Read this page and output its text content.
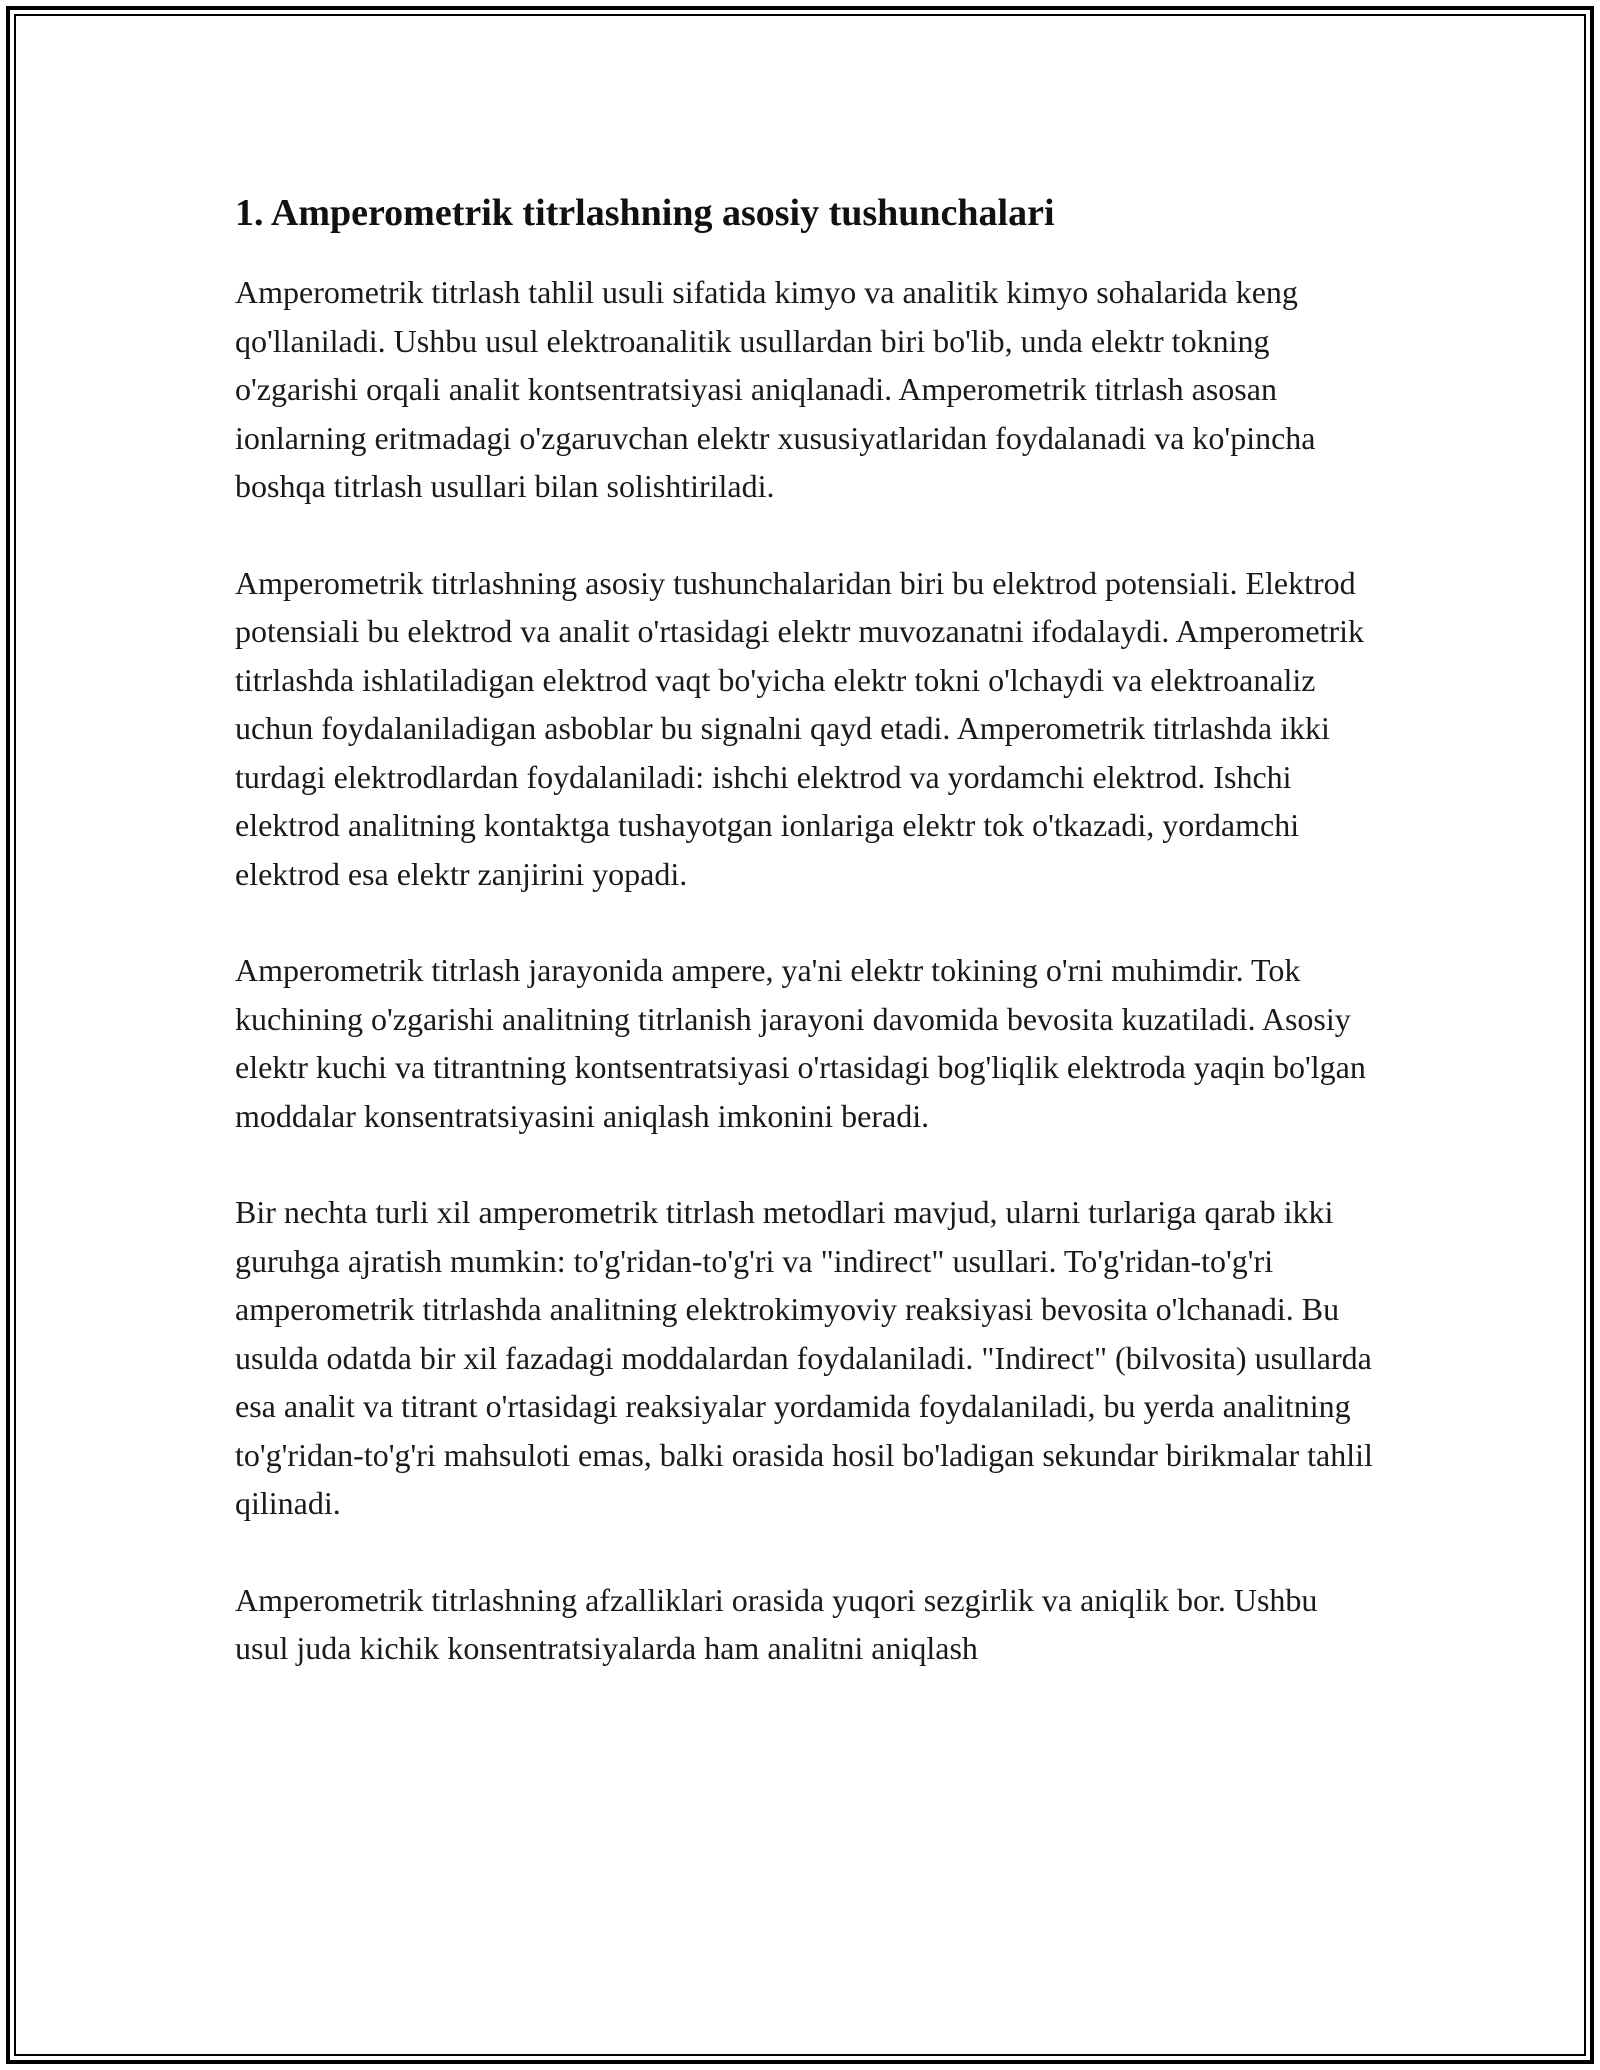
1. Amperometrik titrlashning asosiy tushunchalari

Amperometrik titrlash tahlil usuli sifatida kimyo va analitik kimyo sohalarida keng qo'llaniladi. Ushbu usul elektroanalitik usullardan biri bo'lib, unda elektr tokning o'zgarishi orqali analit kontsentratsiyasi aniqlanadi. Amperometrik titrlash asosan ionlarning eritmadagi o'zgaruvchan elektr xususiyatlaridan foydalanadi va ko'pincha boshqa titrlash usullari bilan solishtiriladi.

Amperometrik titrlashning asosiy tushunchalaridan biri bu elektrod potensiali. Elektrod potensiali bu elektrod va analit o'rtasidagi elektr muvozanatni ifodalaydi. Amperometrik titrlashda ishlatiladigan elektrod vaqt bo'yicha elektr tokni o'lchaydi va elektroanaliz uchun foydalaniladigan asboblar bu signalni qayd etadi. Amperometrik titrlashda ikki turdagi elektrodlardan foydalaniladi: ishchi elektrod va yordamchi elektrod. Ishchi elektrod analitning kontaktga tushayotgan ionlariga elektr tok o'tkazadi, yordamchi elektrod esa elektr zanjirini yopadi.

Amperometrik titrlash jarayonida ampere, ya'ni elektr tokining o'rni muhimdir. Tok kuchining o'zgarishi analitning titrlanish jarayoni davomida bevosita kuzatiladi. Asosiy elektr kuchi va titrantning kontsentratsiyasi o'rtasidagi bog'liqlik elektroda yaqin bo'lgan moddalar konsentratsiyasini aniqlash imkonini beradi.

Bir nechta turli xil amperometrik titrlash metodlari mavjud, ularni turlariga qarab ikki guruhga ajratish mumkin: to'g'ridan-to'g'ri va "indirect" usullari. To'g'ridan-to'g'ri amperometrik titrlashda analitning elektrokimyoviy reaksiyasi bevosita o'lchanadi. Bu usulda odatda bir xil fazadagi moddalardan foydalaniladi. "Indirect" (bilvosita) usullarda esa analit va titrant o'rtasidagi reaksiyalar yordamida foydalaniladi, bu yerda analitning to'g'ridan-to'g'ri mahsuloti emas, balki orasida hosil bo'ladigan sekundar birikmalar tahlil qilinadi.

Amperometrik titrlashning afzalliklari orasida yuqori sezgirlik va aniqlik bor. Ushbu usul juda kichik konsentratsiyalarda ham analitni aniqlash
